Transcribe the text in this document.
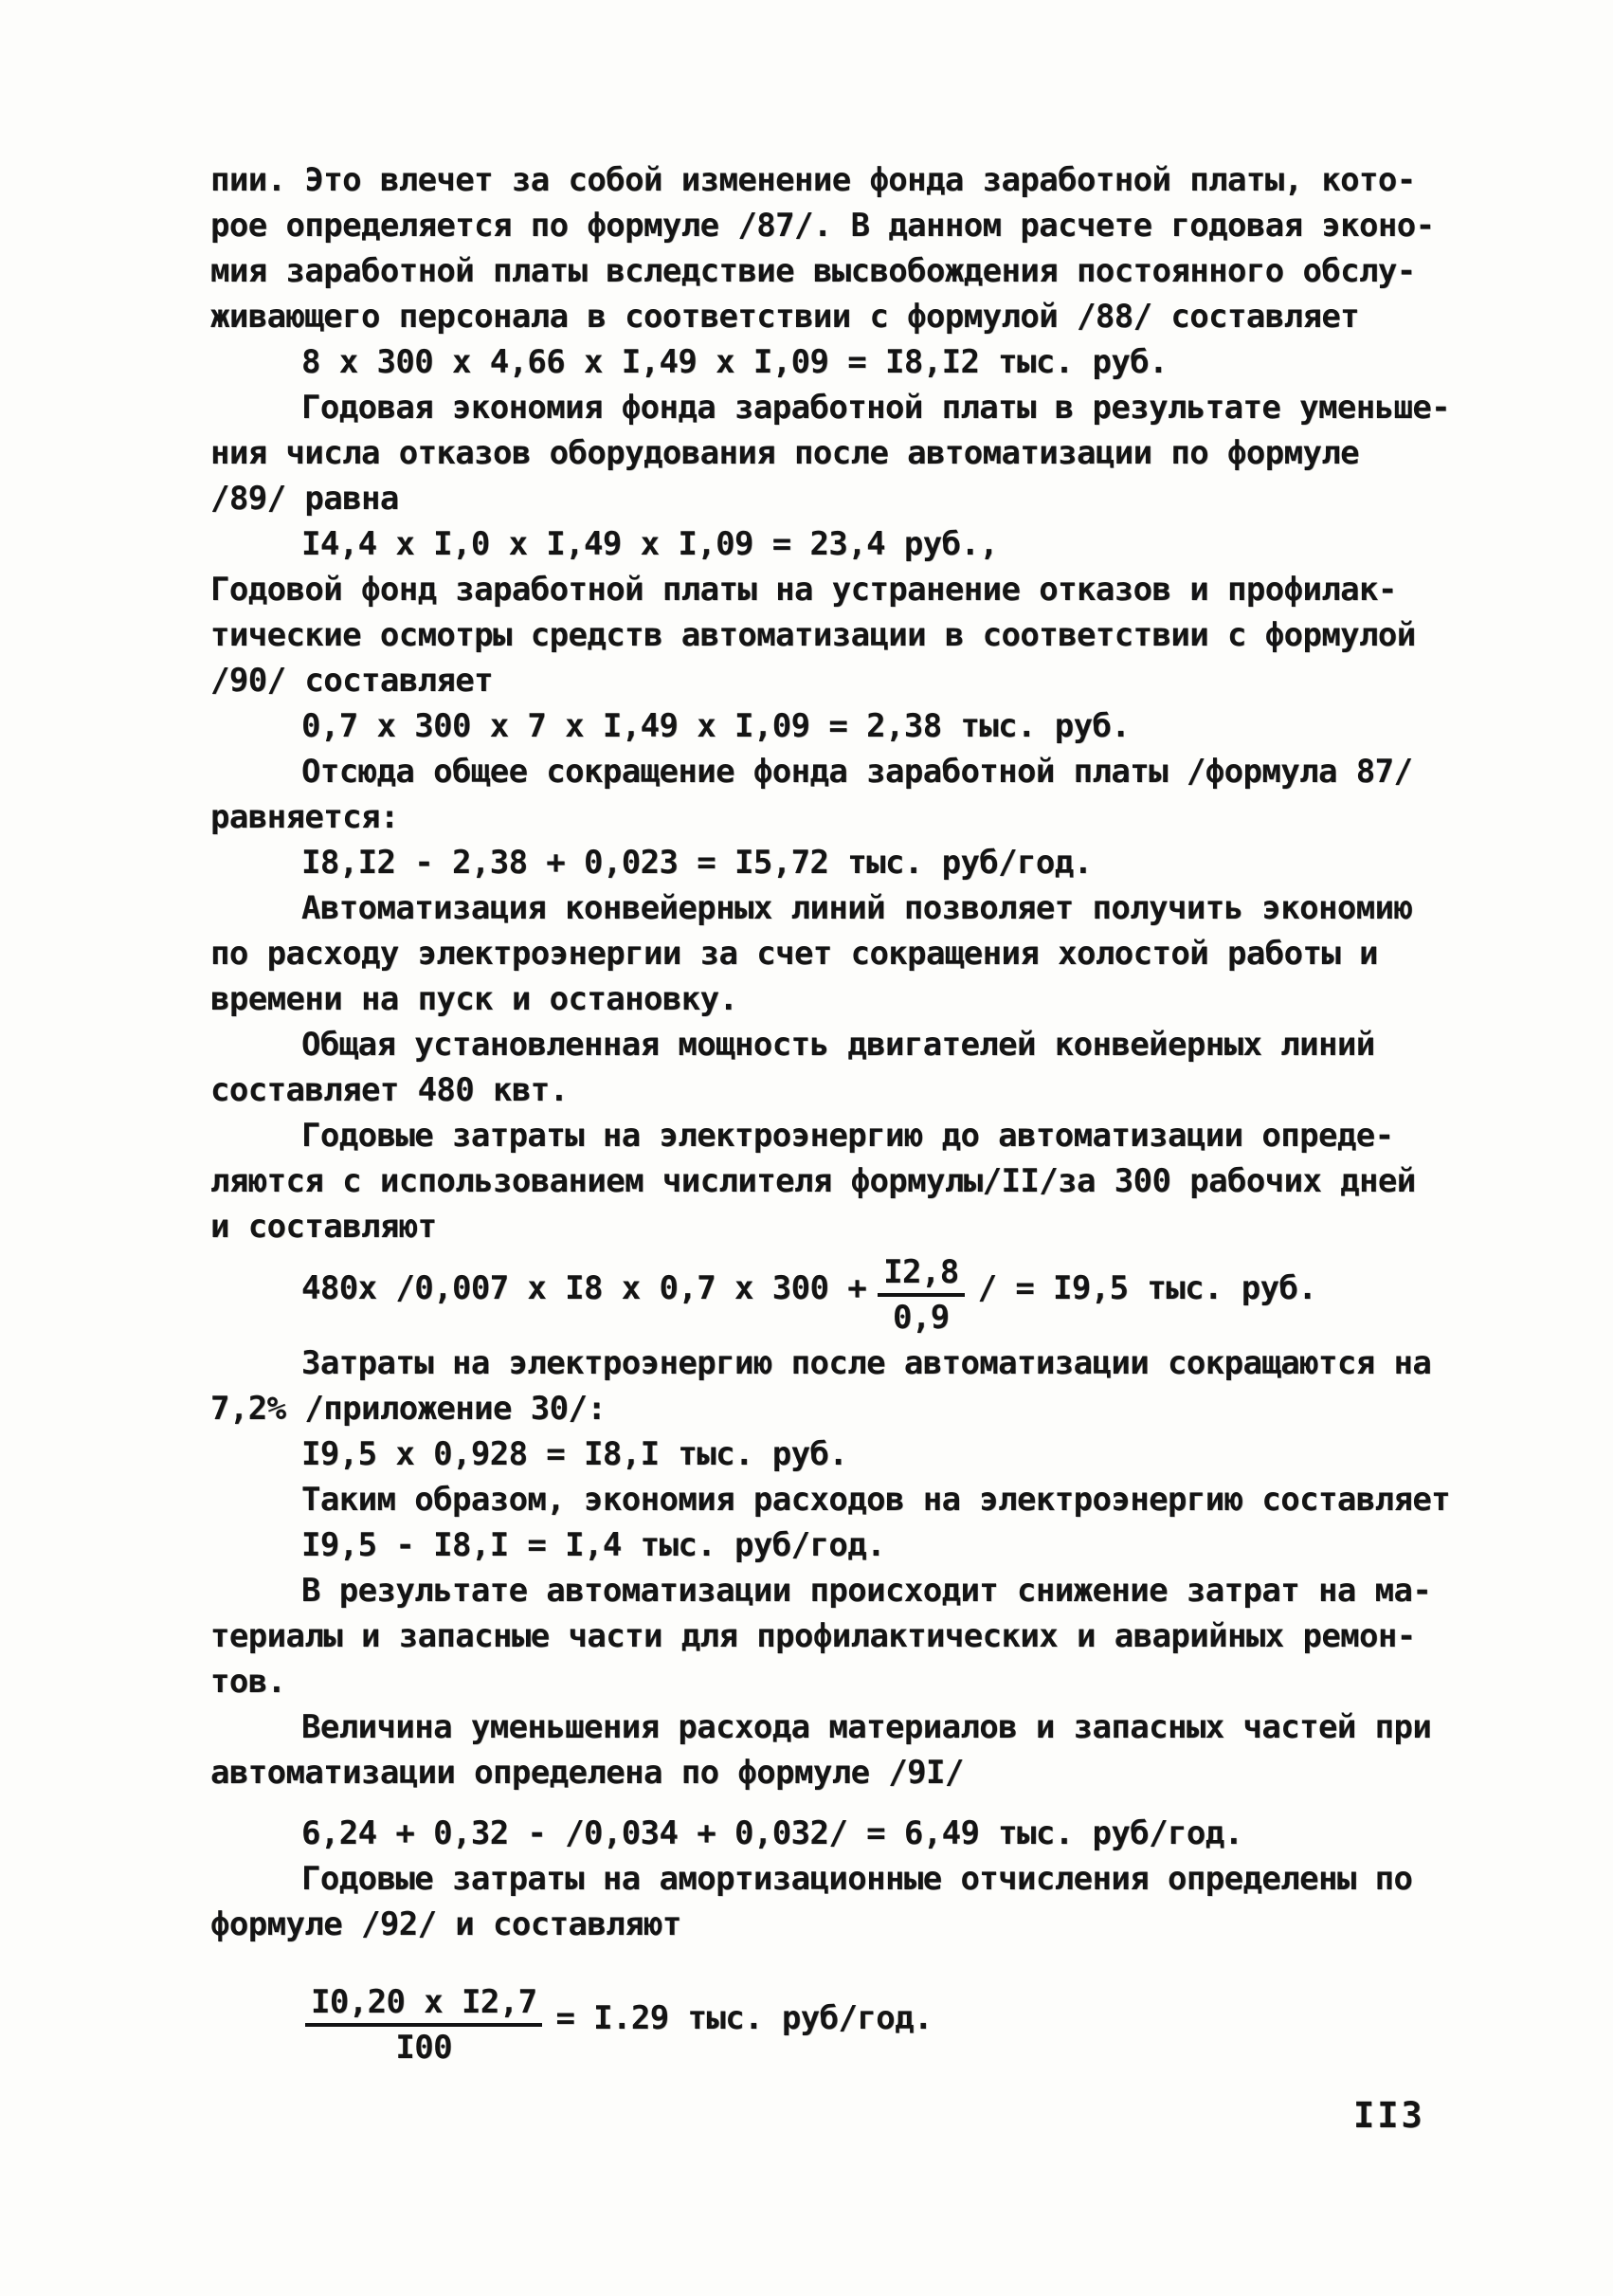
пии. Это влечет за собой изменение фонда заработной платы, кото-
рое определяется по формуле /87/. В данном расчете годовая эконо-
мия заработной платы вследствие высвобождения постоянного обслу-
живающего персонала в соответствии с формулой /88/ составляет
8 х 300 х 4,66 х I,49 х I,09 = I8,I2 тыс. руб.
Годовая экономия фонда заработной платы в результате уменьше-
ния числа отказов оборудования после автоматизации по формуле
/89/ равна
I4,4 х I,0 х I,49 х I,09 = 23,4 руб.,
Годовой фонд заработной платы на устранение отказов и профилак-
тические осмотры средств автоматизации в соответствии с формулой
/90/ составляет
0,7 х 300 х 7 х I,49 х I,09 = 2,38 тыс. руб.
Отсюда общее сокращение фонда заработной платы /формула 87/
равняется:
I8,I2 - 2,38 + 0,023 = I5,72 тыс. руб/год.
Автоматизация конвейерных линий позволяет получить экономию
по расходу электроэнергии за счет сокращения холостой работы и
времени на пуск и остановку.
Общая установленная мощность двигателей конвейерных линий
составляет 480 квт.
Годовые затраты на электроэнергию до автоматизации опреде-
ляются с использованием числителя формулы/II/за 300 рабочих дней
и составляют
480х /0,007 х I8 х 0,7 х $300 + \frac{I2,8}{0,9}$ / = I9,5 тыс. руб.
Затраты на электроэнергию после автоматизации сокращаются на
7,2% /приложение 30/:
I9,5 х 0,928 = I8,I тыс. руб.
Таким образом, экономия расходов на электроэнергию составляет
I9,5 - I8,I = I,4 тыс. руб/год.
В результате автоматизации происходит снижение затрат на ма-
териалы и запасные части для профилактических и аварийных ремон-
тов.
Величина уменьшения расхода материалов и запасных частей при
автоматизации определена по формуле /9I/
6,24 + 0,32 - /0,034 + 0,032/ = 6,49 тыс. руб/год.
Годовые затраты на амортизационные отчисления определены по
формуле /92/ и составляют
$\frac{\text{I0,20 х I2,7}}{I00} = I.29$ тыс. руб/год.
II3
